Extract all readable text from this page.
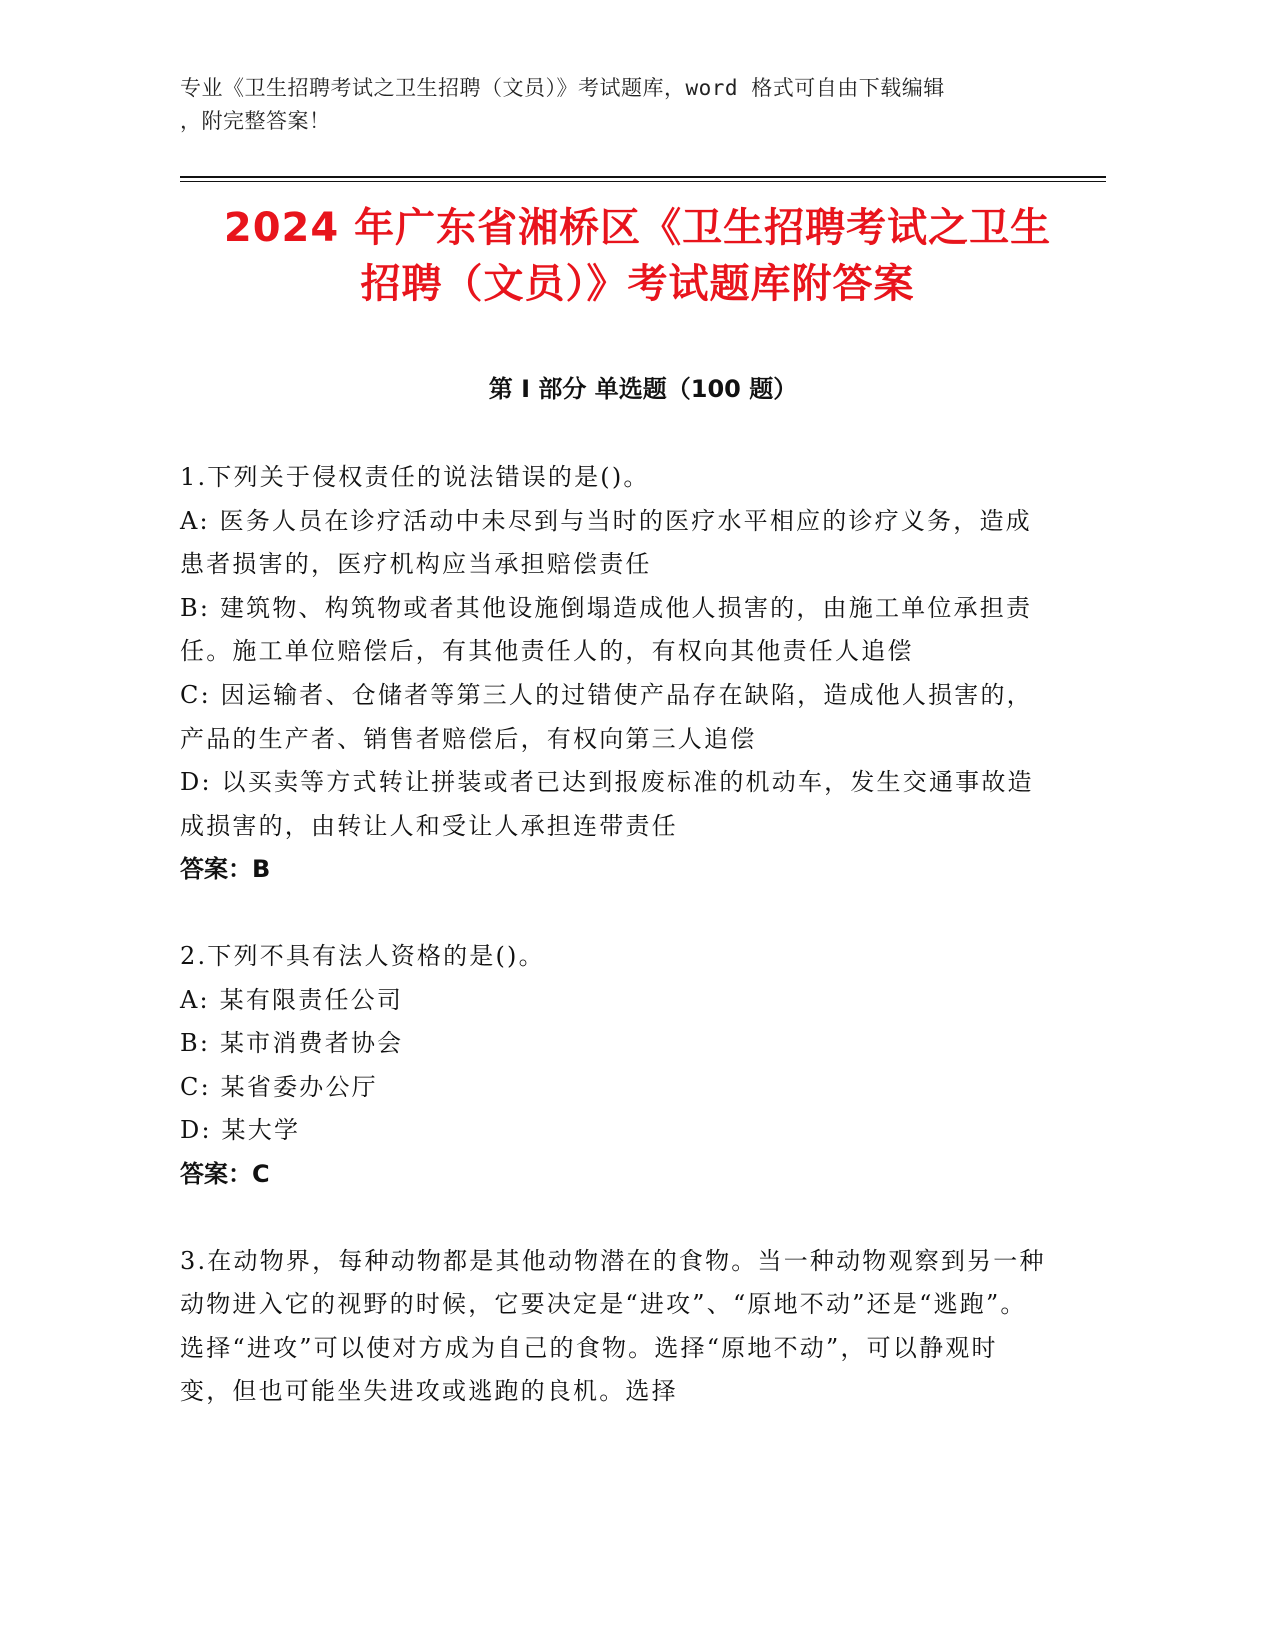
专业《卫生招聘考试之卫生招聘（文员）》考试题库，word 格式可自由下载编辑
，附完整答案！
2024 年广东省湘桥区《卫生招聘考试之卫生
招聘（文员）》考试题库附答案
第 I 部分 单选题（100 题）

1.下列关于侵权责任的说法错误的是()。

A: 医务人员在诊疗活动中未尽到与当时的医疗水平相应的诊疗义务，造成患者损害的，医疗机构应当承担赔偿责任

B: 建筑物、构筑物或者其他设施倒塌造成他人损害的，由施工单位承担责任。施工单位赔偿后，有其他责任人的，有权向其他责任人追偿

C: 因运输者、仓储者等第三人的过错使产品存在缺陷，造成他人损害的，产品的生产者、销售者赔偿后，有权向第三人追偿

D: 以买卖等方式转让拼装或者已达到报废标准的机动车，发生交通事故造成损害的，由转让人和受让人承担连带责任

答案：B

2.下列不具有法人资格的是()。

A: 某有限责任公司

B: 某市消费者协会

C: 某省委办公厅

D: 某大学

答案：C

3.在动物界，每种动物都是其他动物潜在的食物。当一种动物观察到另一种动物进入它的视野的时候，它要决定是“进攻”、“原地不动”还是“逃跑”。选择“进攻”可以使对方成为自己的食物。选择“原地不动”，可以静观时变，但也可能坐失进攻或逃跑的良机。选择
